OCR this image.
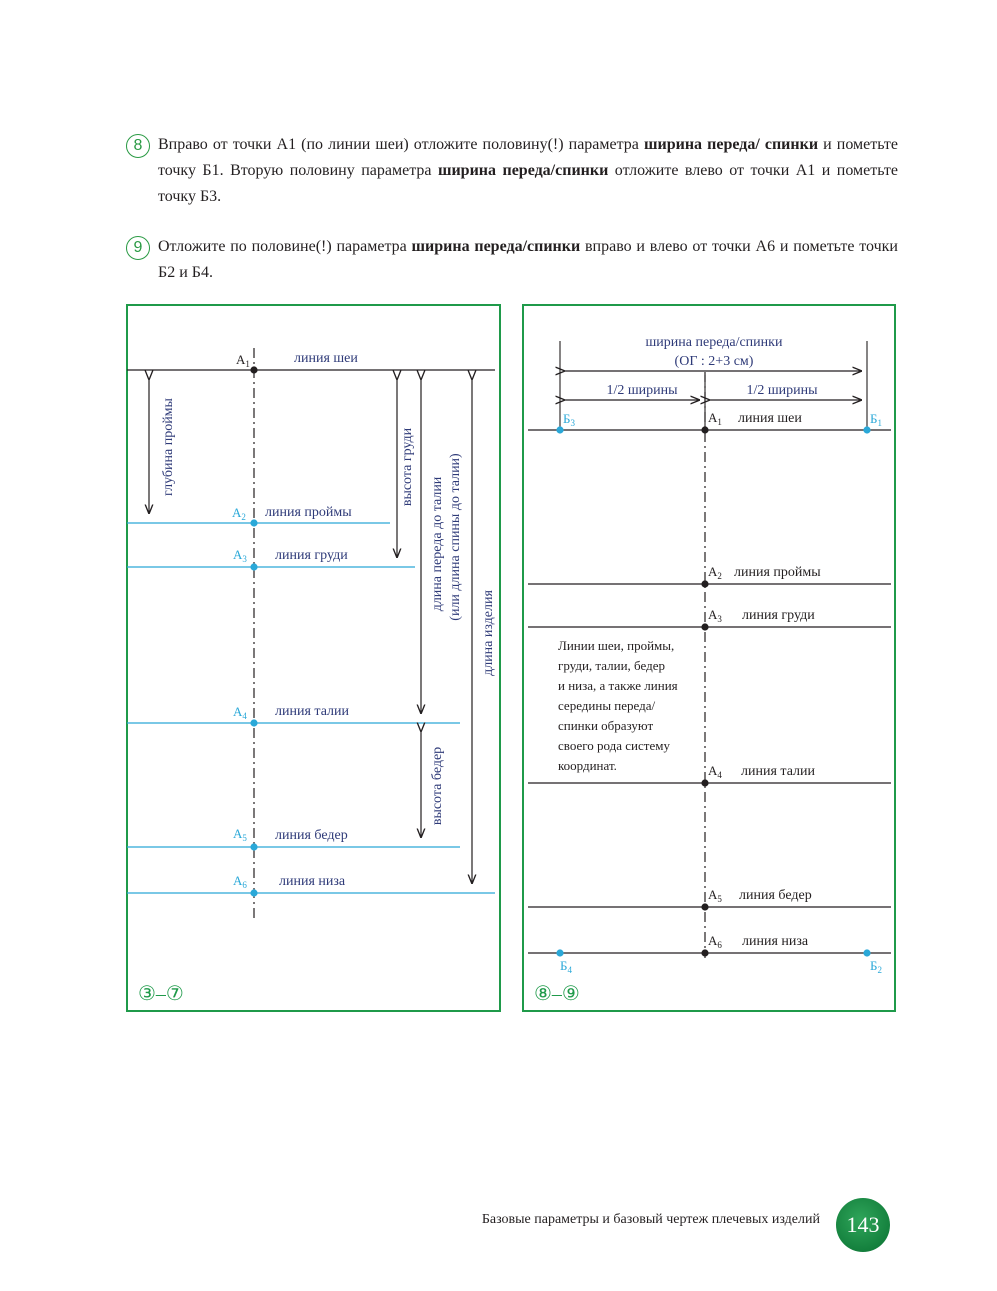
8 Вправо от точки А1 (по линии шеи) отложите половину(!) параметра ширина переда/ спинки и пометьте точку Б1. Вторую половину параметра ширина переда/спинки отложите влево от точки А1 и пометьте точку Б3.
9 Отложите по половине(!) параметра ширина переда/спинки вправо и влево от точки А6 и пометьте точки Б2 и Б4.
$А_1$
$А_2$
$А_3$
$А_4$
$А_5$
$А_6$
линия шеи
линия проймы
линия груди
линия талии
линия бедер
линия низа
глубина проймы	высота груди
длина переда до талии (или длина спины до талии)
длина изделия
высота бедер
③–⑦
ширина переда/спинки
(ОГ : 2+3 см)
1/2 ширины	1/2 ширины
$Б_3$	$Б_1$
$Б_4$	$Б_2$
$А_1$
$А_2$
$А_3$
$А_4$
$А_5$
$А_6$
линия шеи
линия проймы
линия груди
линия талии
линия бедер
линия низа
⑧–⑨
Линии шеи, проймы,
груди, талии, бедер
и низа, а также линия
середины переда/
спинки образуют
своего рода систему
координат.
Базовые параметры и базовый чертеж плечевых изделий	143
